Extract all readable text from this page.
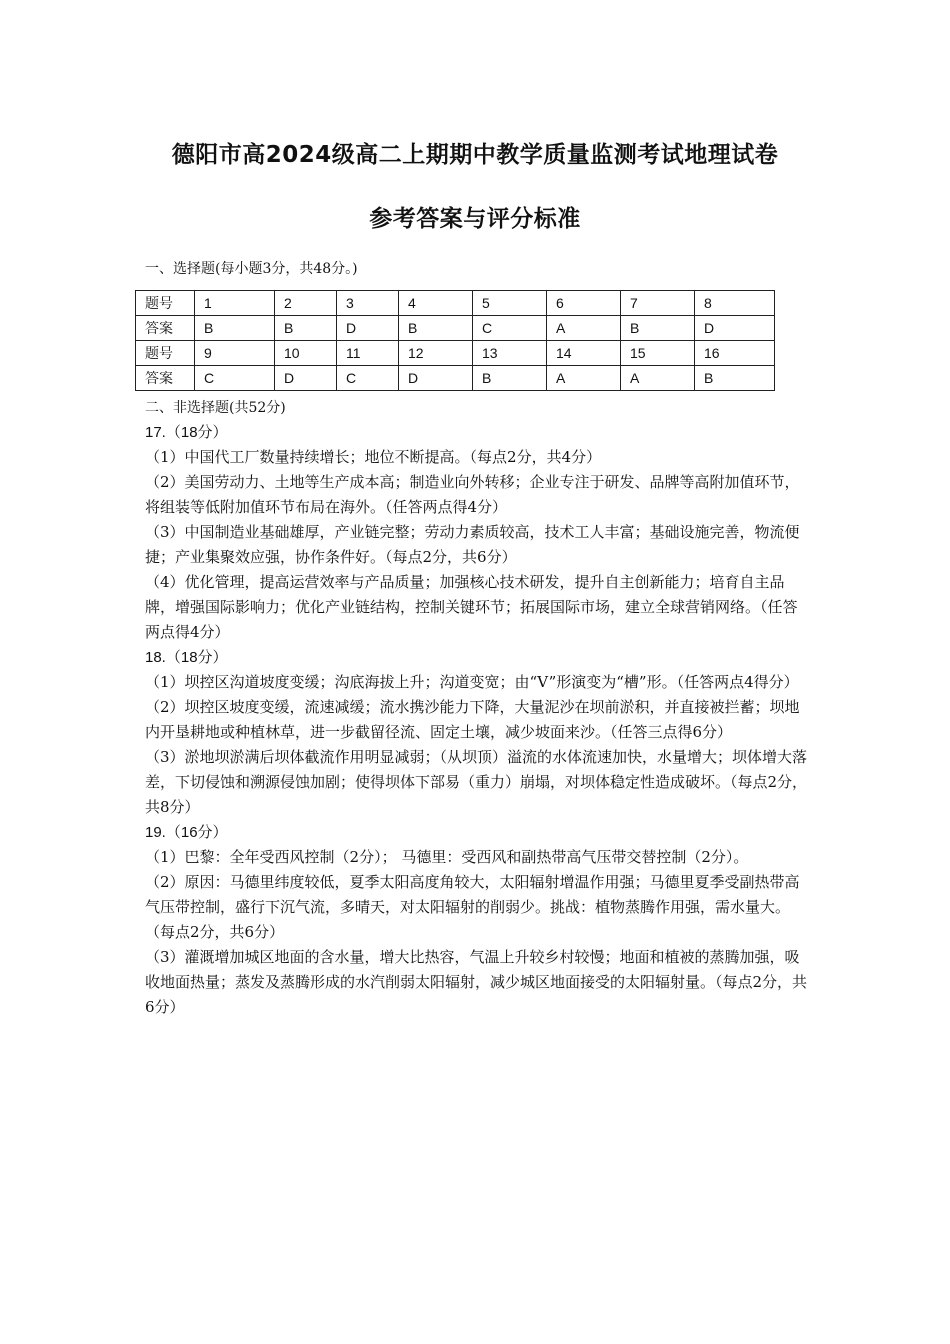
德阳市高2024级高二上期期中教学质量监测考试地理试卷
参考答案与评分标准
一、选择题(每小题3分，共48分。)
题号	1	2	3	4	5	6	7	8
答案	B	B	D	B	C	A	B	D
题号	9	10	11	12	13	14	15	16
答案	C	D	C	D	B	A	A	B
二、非选择题(共52分)

17.（18分）

（1）中国代工厂数量持续增长；地位不断提高。（每点2分，共4分）

（2）美国劳动力、土地等生产成本高；制造业向外转移；企业专注于研发、品牌等高附加值环节，将组装等低附加值环节布局在海外。（任答两点得4分）

（3）中国制造业基础雄厚，产业链完整；劳动力素质较高，技术工人丰富；基础设施完善，物流便捷；产业集聚效应强，协作条件好。（每点2分，共6分）

（4）优化管理，提高运营效率与产品质量；加强核心技术研发，提升自主创新能力；培育自主品牌，增强国际影响力；优化产业链结构，控制关键环节；拓展国际市场，建立全球营销网络。（任答两点得4分）

18.（18分）

（1）坝控区沟道坡度变缓；沟底海拔上升；沟道变宽；由“V”形演变为“槽”形。（任答两点4得分）

（2）坝控区坡度变缓，流速减缓；流水携沙能力下降，大量泥沙在坝前淤积，并直接被拦蓄；坝地内开垦耕地或种植林草，进一步截留径流、固定土壤，减少坡面来沙。（任答三点得6分）

（3）淤地坝淤满后坝体截流作用明显减弱；（从坝顶）溢流的水体流速加快，水量增大；坝体增大落差，下切侵蚀和溯源侵蚀加剧；使得坝体下部易（重力）崩塌，对坝体稳定性造成破坏。（每点2分，共8分）

19.（16分）

（1）巴黎：全年受西风控制（2分）； 马德里：受西风和副热带高气压带交替控制（2分）。

（2）原因：马德里纬度较低，夏季太阳高度角较大，太阳辐射增温作用强；马德里夏季受副热带高气压带控制，盛行下沉气流，多晴天，对太阳辐射的削弱少。挑战：植物蒸腾作用强，需水量大。（每点2分，共6分）

（3）灌溉增加城区地面的含水量，增大比热容，气温上升较乡村较慢；地面和植被的蒸腾加强，吸收地面热量；蒸发及蒸腾形成的水汽削弱太阳辐射，减少城区地面接受的太阳辐射量。（每点2分，共6分）
